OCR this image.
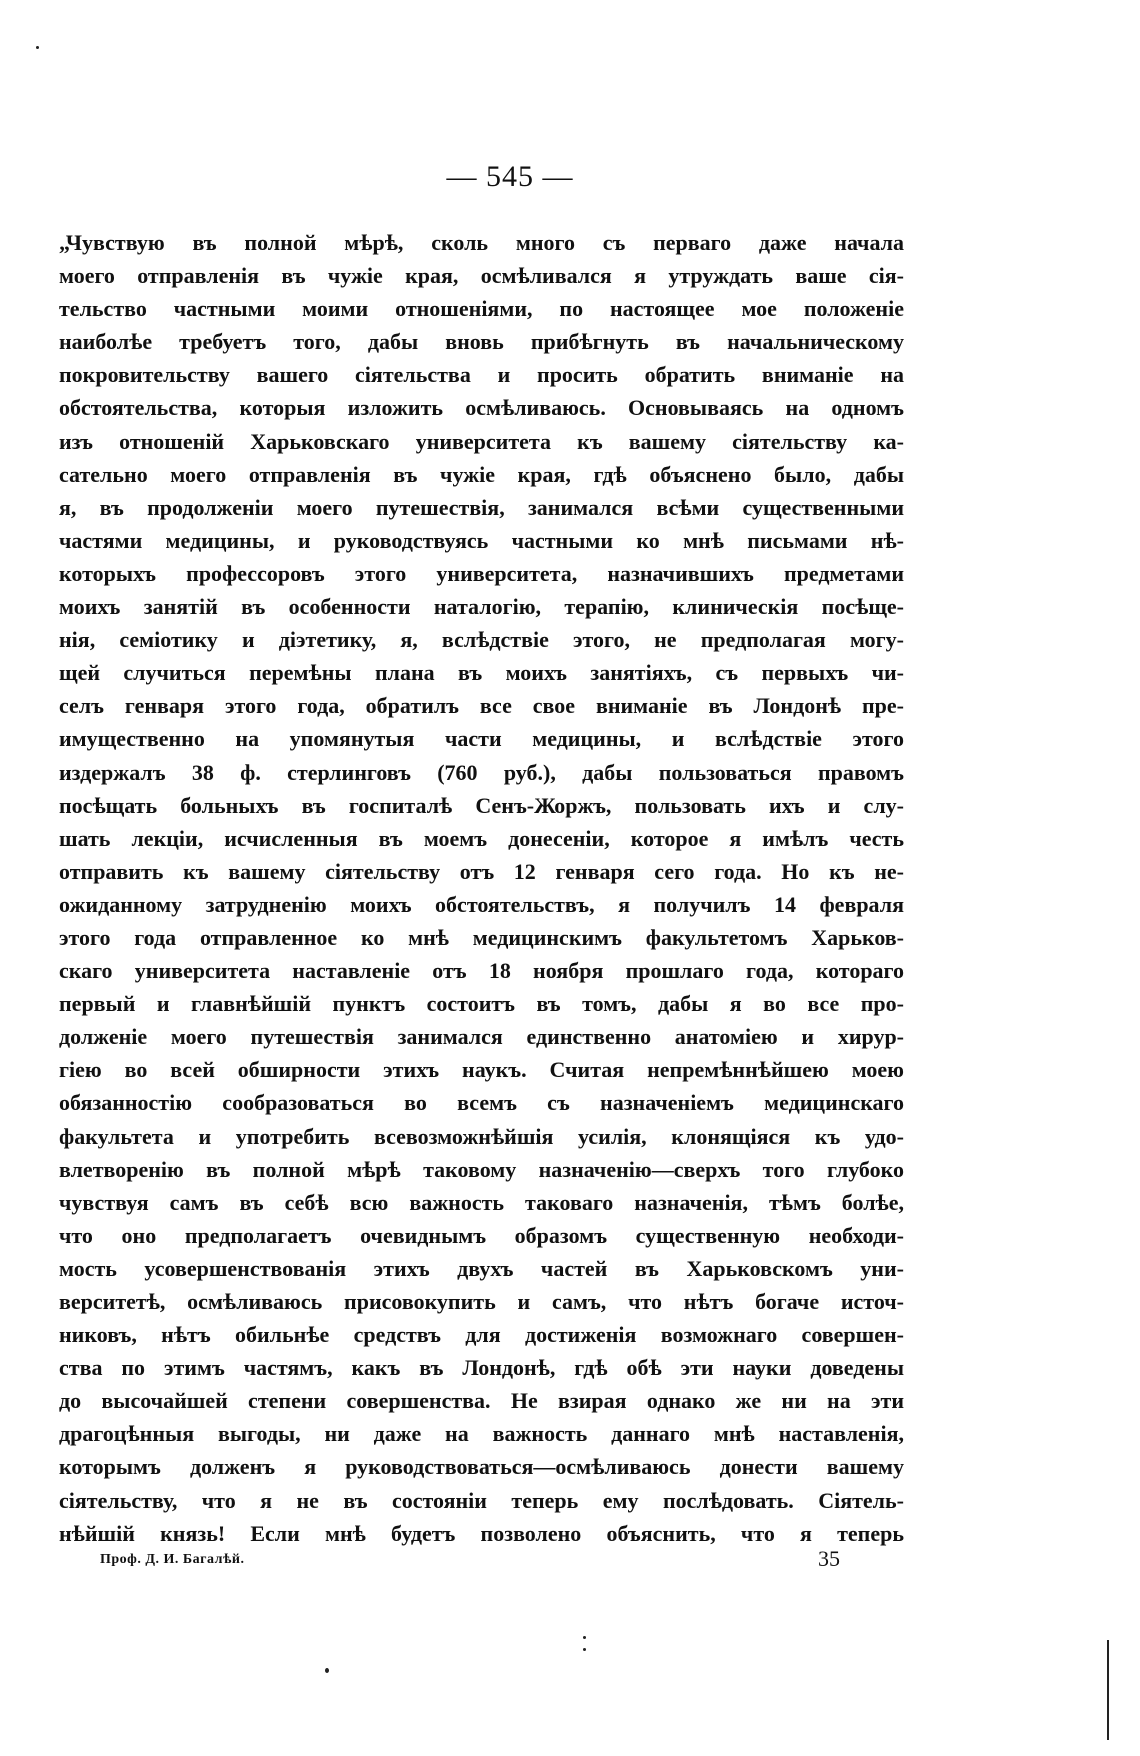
— 545 —
„Чувствую въ полной мѣрѣ, сколь много съ перваго даже начала
моего отправленія въ чужіе края, осмѣливался я утруждать ваше сія-
тельство частными моими отношеніями, по настоящее мое положеніе
наиболѣе требуетъ того, дабы вновь прибѣгнуть въ начальническому
покровительству вашего сіятельства и просить обратить вниманіе на
обстоятельства, которыя изложить осмѣливаюсь. Основываясь на одномъ
изъ отношеній Харьковскаго университета къ вашему сіятельству ка-
сательно моего отправленія въ чужіе края, гдѣ объяснено было, дабы
я, въ продолженіи моего путешествія, занимался всѣми существенными
частями медицины, и руководствуясь частными ко мнѣ письмами нѣ-
которыхъ профессоровъ этого университета, назначившихъ предметами
моихъ занятій въ особенности наталогію, терапію, клиническія посѣще-
нія, семіотику и діэтетику, я, вслѣдствіе этого, не предполагая могу-
щей случиться перемѣны плана въ моихъ занятіяхъ, съ первыхъ чи-
селъ генваря этого года, обратилъ все свое вниманіе въ Лондонѣ пре-
имущественно на упомянутыя части медицины, и вслѣдствіе этого
издержалъ 38 ф. стерлинговъ (760 руб.), дабы пользоваться правомъ
посѣщать больныхъ въ госпиталѣ Сенъ-Жоржъ, пользовать ихъ и слу-
шать лекціи, исчисленныя въ моемъ донесеніи, которое я имѣлъ честь
отправить къ вашему сіятельству отъ 12 генваря сего года. Но къ не-
ожиданному затрудненію моихъ обстоятельствъ, я получилъ 14 февраля
этого года отправленное ко мнѣ медицинскимъ факультетомъ Харьков-
скаго университета наставленіе отъ 18 ноября прошлаго года, котораго
первый и главнѣйшій пунктъ состоитъ въ томъ, дабы я во все про-
долженіе моего путешествія занимался единственно анатоміею и хирур-
гіею во всей обширности этихъ наукъ. Считая непремѣннѣйшею моею
обязанностію сообразоваться во всемъ съ назначеніемъ медицинскаго
факультета и употребить всевозможнѣйшія усилія, клонящіяся къ удо-
влетворенію въ полной мѣрѣ таковому назначенію—сверхъ того глубоко
чувствуя самъ въ себѣ всю важность таковаго назначенія, тѣмъ болѣе,
что оно предполагаетъ очевиднымъ образомъ существенную необходи-
мость усовершенствованія этихъ двухъ частей въ Харьковскомъ уни-
верситетѣ, осмѣливаюсь присовокупить и самъ, что нѣтъ богаче источ-
никовъ, нѣтъ обильнѣе средствъ для достиженія возможнаго совершен-
ства по этимъ частямъ, какъ въ Лондонѣ, гдѣ обѣ эти науки доведены
до высочайшей степени совершенства. Не взирая однако же ни на эти
драгоцѣнныя выгоды, ни даже на важность даннаго мнѣ наставленія,
которымъ долженъ я руководствоваться—осмѣливаюсь донести вашему
сіятельству, что я не въ состояніи теперь ему послѣдовать. Сіятель-
нѣйшій князь! Если мнѣ будетъ позволено объяснить, что я теперь
Проф. Д. И. Багалѣй.	35
